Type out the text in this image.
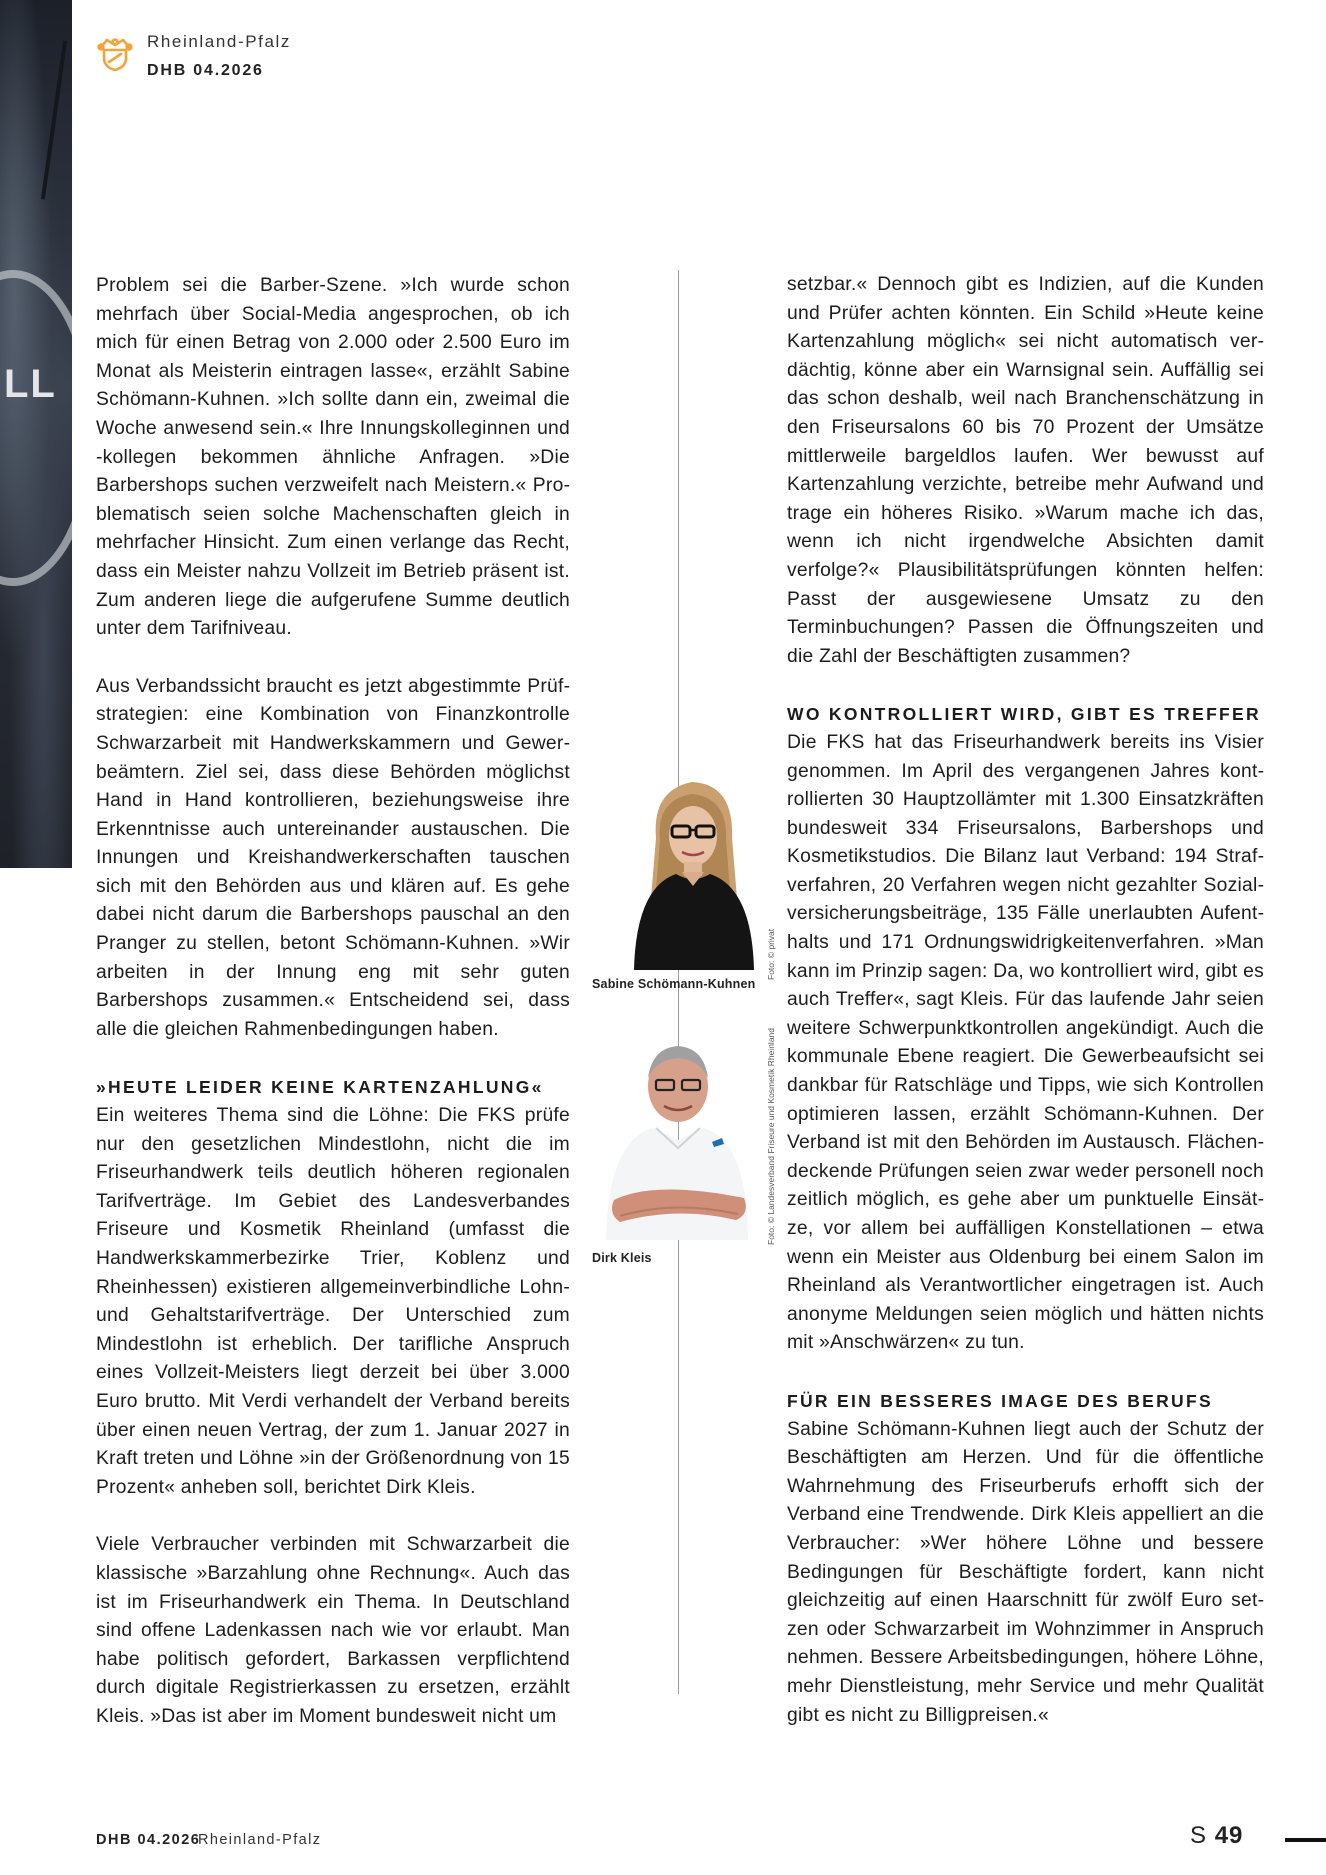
LL
Rheinland-Pfalz
DHB 04.2026

Problem sei die Barber-Szene. »Ich wurde schon mehrfach über Social-Media angesprochen, ob ich mich für einen Betrag von 2.000 oder 2.500 Euro im Monat als Meisterin eintragen lasse«, erzählt Sabine Schömann-Kuhnen. »Ich sollte dann ein, zweimal die Woche anwesend sein.« Ihre Innungskolleginnen und -kollegen bekommen ähnliche Anfragen. »Die Barbershops suchen verzweifelt nach Meistern.« Problematisch seien solche Machenschaften gleich in mehrfacher Hinsicht. Zum einen verlange das Recht, dass ein Meister nahzu Vollzeit im Betrieb präsent ist. Zum anderen liege die aufgerufene Summe deutlich unter dem Tarifniveau.

Aus Verbandssicht braucht es jetzt abgestimmte Prüfstrategien: eine Kombination von Finanzkontrolle Schwarzarbeit mit Handwerkskammern und Gewerbeämtern. Ziel sei, dass diese Behörden möglichst Hand in Hand kontrollieren, beziehungsweise ihre Erkenntnisse auch untereinander austauschen. Die Innungen und Kreishandwerkerschaften tauschen sich mit den Behörden aus und klären auf. Es gehe dabei nicht darum die Barbershops pauschal an den Pranger zu stellen, betont Schömann-Kuhnen. »Wir arbeiten in der Innung eng mit sehr guten Barbershops zusammen.« Entscheidend sei, dass alle die gleichen Rahmenbedingungen haben.

»HEUTE LEIDER KEINE KARTENZAHLUNG«

Ein weiteres Thema sind die Löhne: Die FKS prüfe nur den gesetzlichen Mindestlohn, nicht die im Friseurhandwerk teils deutlich höheren regionalen Tarifverträge. Im Gebiet des Landesverbandes Friseure und Kosmetik Rheinland (umfasst die Handwerkskammerbezirke Trier, Koblenz und Rheinhessen) existieren allgemeinverbindliche Lohn- und Gehaltstarifverträge. Der Unterschied zum Mindestlohn ist erheblich. Der tarifliche Anspruch eines Vollzeit-Meisters liegt derzeit bei über 3.000 Euro brutto. Mit Verdi verhandelt der Verband bereits über einen neuen Vertrag, der zum 1. Januar 2027 in Kraft treten und Löhne »in der Größenordnung von 15 Prozent« anheben soll, berichtet Dirk Kleis.

Viele Verbraucher verbinden mit Schwarzarbeit die klassische »Barzahlung ohne Rechnung«. Auch das ist im Friseurhandwerk ein Thema. In Deutschland sind offene Ladenkassen nach wie vor erlaubt. Man habe politisch gefordert, Barkassen verpflichtend durch digitale Registrierkassen zu ersetzen, erzählt Kleis. »Das ist aber im Moment bundesweit nicht um

Sabine Schömann-Kuhnen
Foto: © privat
Dirk Kleis
Foto: © Landesverband Friseure und Kosmetik Rheinland

setzbar.« Dennoch gibt es Indizien, auf die Kunden und Prüfer achten könnten. Ein Schild »Heute keine Kartenzahlung möglich« sei nicht automatisch verdächtig, könne aber ein Warnsignal sein. Auffällig sei das schon deshalb, weil nach Branchenschätzung in den Friseursalons 60 bis 70 Prozent der Umsätze mittlerweile bargeldlos laufen. Wer bewusst auf Kartenzahlung verzichte, betreibe mehr Aufwand und trage ein höheres Risiko. »Warum mache ich das, wenn ich nicht irgendwelche Absichten damit verfolge?« Plausibilitätsprüfungen könnten helfen: Passt der ausgewiesene Umsatz zu den Terminbuchungen? Passen die Öffnungszeiten und die Zahl der Beschäftigten zusammen?

WO KONTROLLIERT WIRD, GIBT ES TREFFER

Die FKS hat das Friseurhandwerk bereits ins Visier genommen. Im April des vergangenen Jahres kontrollierten 30 Hauptzollämter mit 1.300 Einsatzkräften bundesweit 334 Friseursalons, Barbershops und Kosmetikstudios. Die Bilanz laut Verband: 194 Strafverfahren, 20 Verfahren wegen nicht gezahlter Sozialversicherungsbeiträge, 135 Fälle unerlaubten Aufenthalts und 171 Ordnungswidrigkeitenverfahren. »Man kann im Prinzip sagen: Da, wo kontrolliert wird, gibt es auch Treffer«, sagt Kleis. Für das laufende Jahr seien weitere Schwerpunktkontrollen angekündigt. Auch die kommunale Ebene reagiert. Die Gewerbeaufsicht sei dankbar für Ratschläge und Tipps, wie sich Kontrollen optimieren lassen, erzählt Schömann-Kuhnen. Der Verband ist mit den Behörden im Austausch. Flächendeckende Prüfungen seien zwar weder personell noch zeitlich möglich, es gehe aber um punktuelle Einsätze, vor allem bei auffälligen Konstellationen – etwa wenn ein Meister aus Oldenburg bei einem Salon im Rheinland als Verantwortlicher eingetragen ist. Auch anonyme Meldungen seien möglich und hätten nichts mit »Anschwärzen« zu tun.

FÜR EIN BESSERES IMAGE DES BERUFS

Sabine Schömann-Kuhnen liegt auch der Schutz der Beschäftigten am Herzen. Und für die öffentliche Wahrnehmung des Friseurberufs erhofft sich der Verband eine Trendwende. Dirk Kleis appelliert an die Verbraucher: »Wer höhere Löhne und bessere Bedingungen für Beschäftigte fordert, kann nicht gleichzeitig auf einen Haarschnitt für zwölf Euro setzen oder Schwarzarbeit im Wohnzimmer in Anspruch nehmen. Bessere Arbeitsbedingungen, höhere Löhne, mehr Dienstleistung, mehr Service und mehr Qualität gibt es nicht zu Billigpreisen.«

DHB 04.2026
Rheinland-Pfalz	S 49
